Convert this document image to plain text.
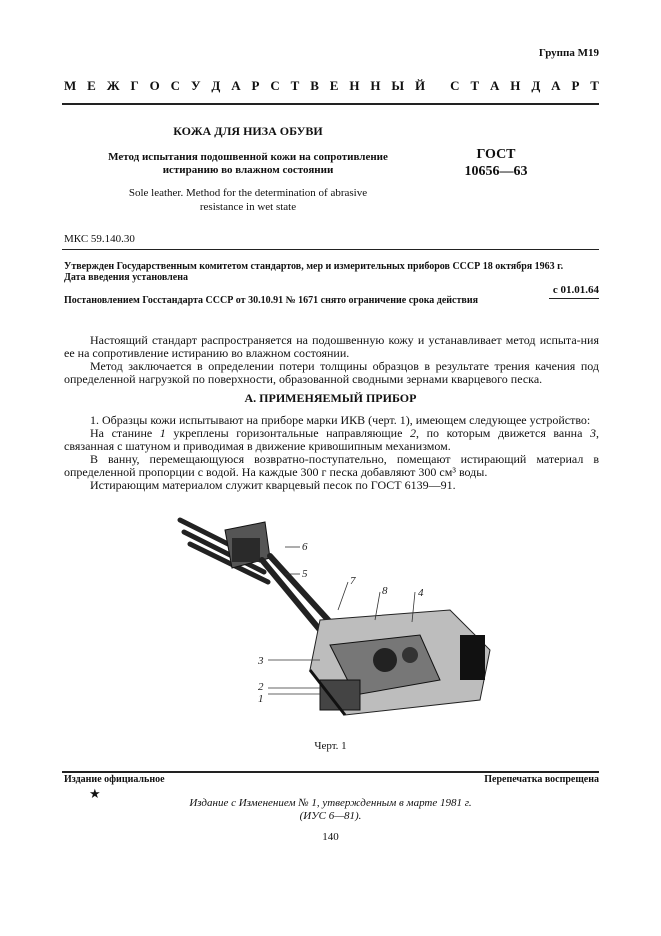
Группа М19
М Е Ж Г О С У Д А Р С Т В Е Н Н Ы Й
С Т А Н Д А Р Т
КОЖА ДЛЯ НИЗА ОБУВИ
Метод испытания подошвенной кожи на сопротивление
истиранию во влажном состоянии
Sole leather. Method for the determination of abrasive
resistance in wet state
ГОСТ
10656—63
МКС 59.140.30
Утвержден Государственным комитетом стандартов, мер и измерительных приборов СССР 18 октября 1963 г.
Дата введения установлена
с 01.01.64
Постановлением Госстандарта СССР от 30.10.91 № 1671 снято ограничение срока действия
Настоящий стандарт распространяется на подошвенную кожу и устанавливает метод испыта-ния ее на сопротивление истиранию во влажном состоянии.
Метод заключается в определении потери толщины образцов в результате трения качения под определенной нагрузкой по поверхности, образованной сводными зернами кварцевого песка.
А. ПРИМЕНЯЕМЫЙ ПРИБОР
1. Образцы кожи испытывают на приборе марки ИКВ (черт. 1), имеющем следующее устройство:
На станине 1 укреплены горизонтальные направляющие 2, по которым движется ванна 3, связанная с шатуном и приводимая в движение кривошипным механизмом.
В ванну, перемещающуюся возвратно-поступательно, помещают истирающий материал в определенной пропорции с водой. На каждые 300 г песка добавляют 300 см³ воды.
Истирающим материалом служит кварцевый песок по ГОСТ 6139—91.
6
5
7
8	4
3
2
1
Черт. 1
Издание официальное	Перепечатка воспрещена
★
Издание с Изменением № 1, утвержденным в марте 1981 г.
(ИУС 6—81).
140
